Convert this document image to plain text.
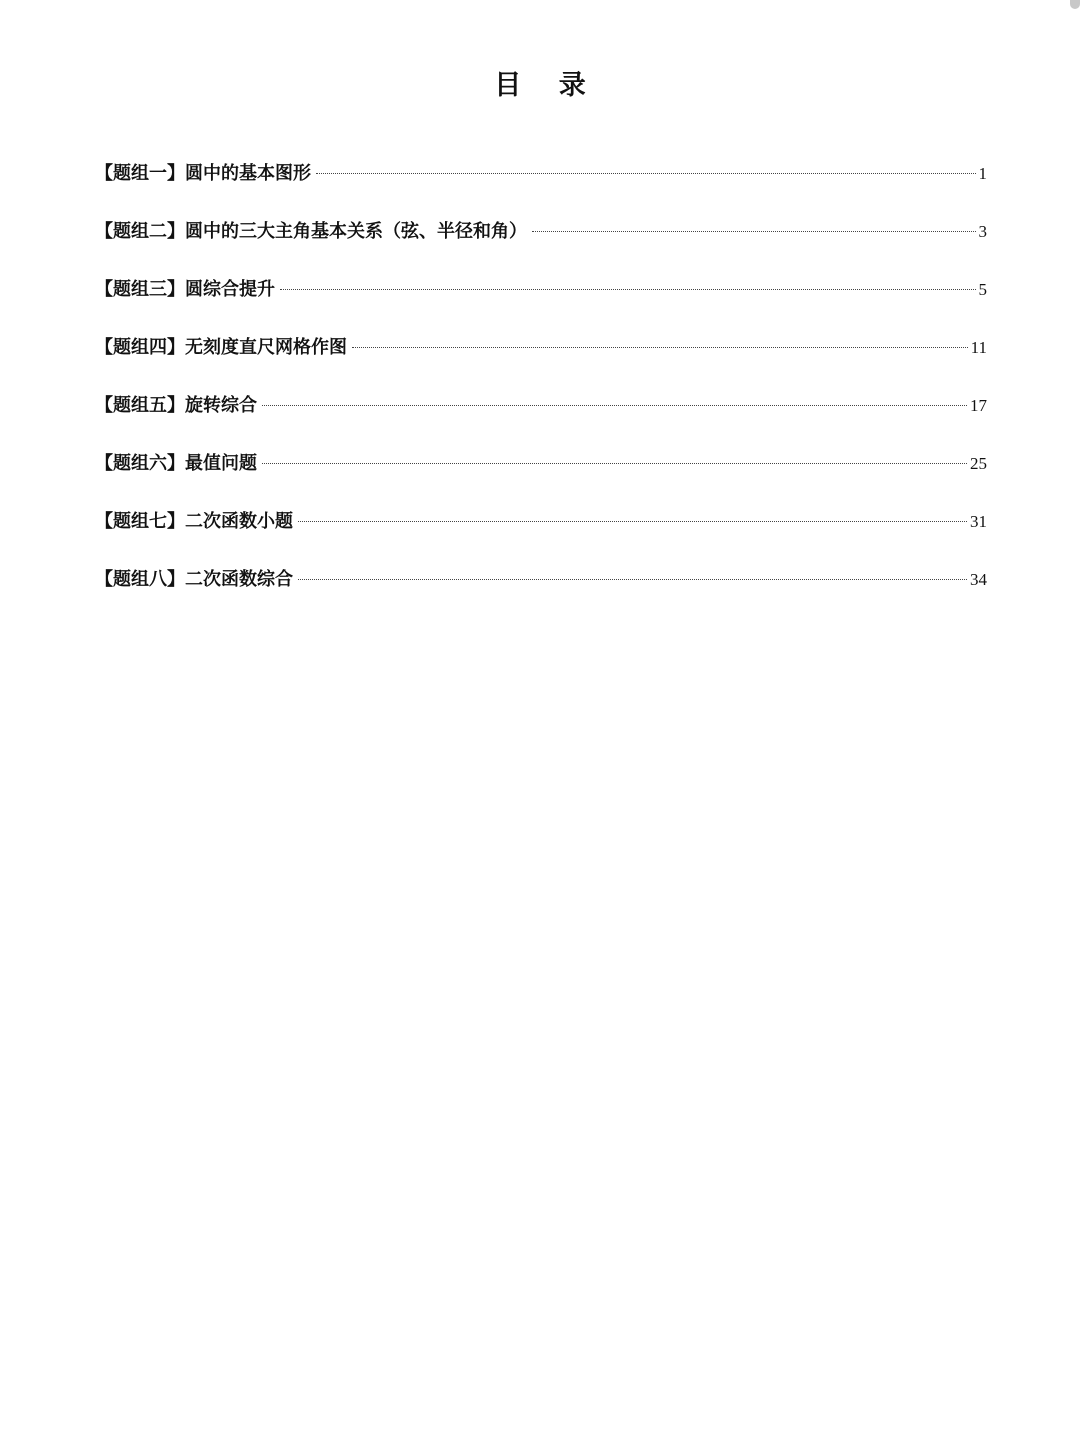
目 录
【题组一】圆中的基本图形	1
【题组二】圆中的三大主角基本关系（弦、半径和角）	3
【题组三】圆综合提升	5
【题组四】无刻度直尺网格作图	11
【题组五】旋转综合	17
【题组六】最值问题	25
【题组七】二次函数小题	31
【题组八】二次函数综合	34
